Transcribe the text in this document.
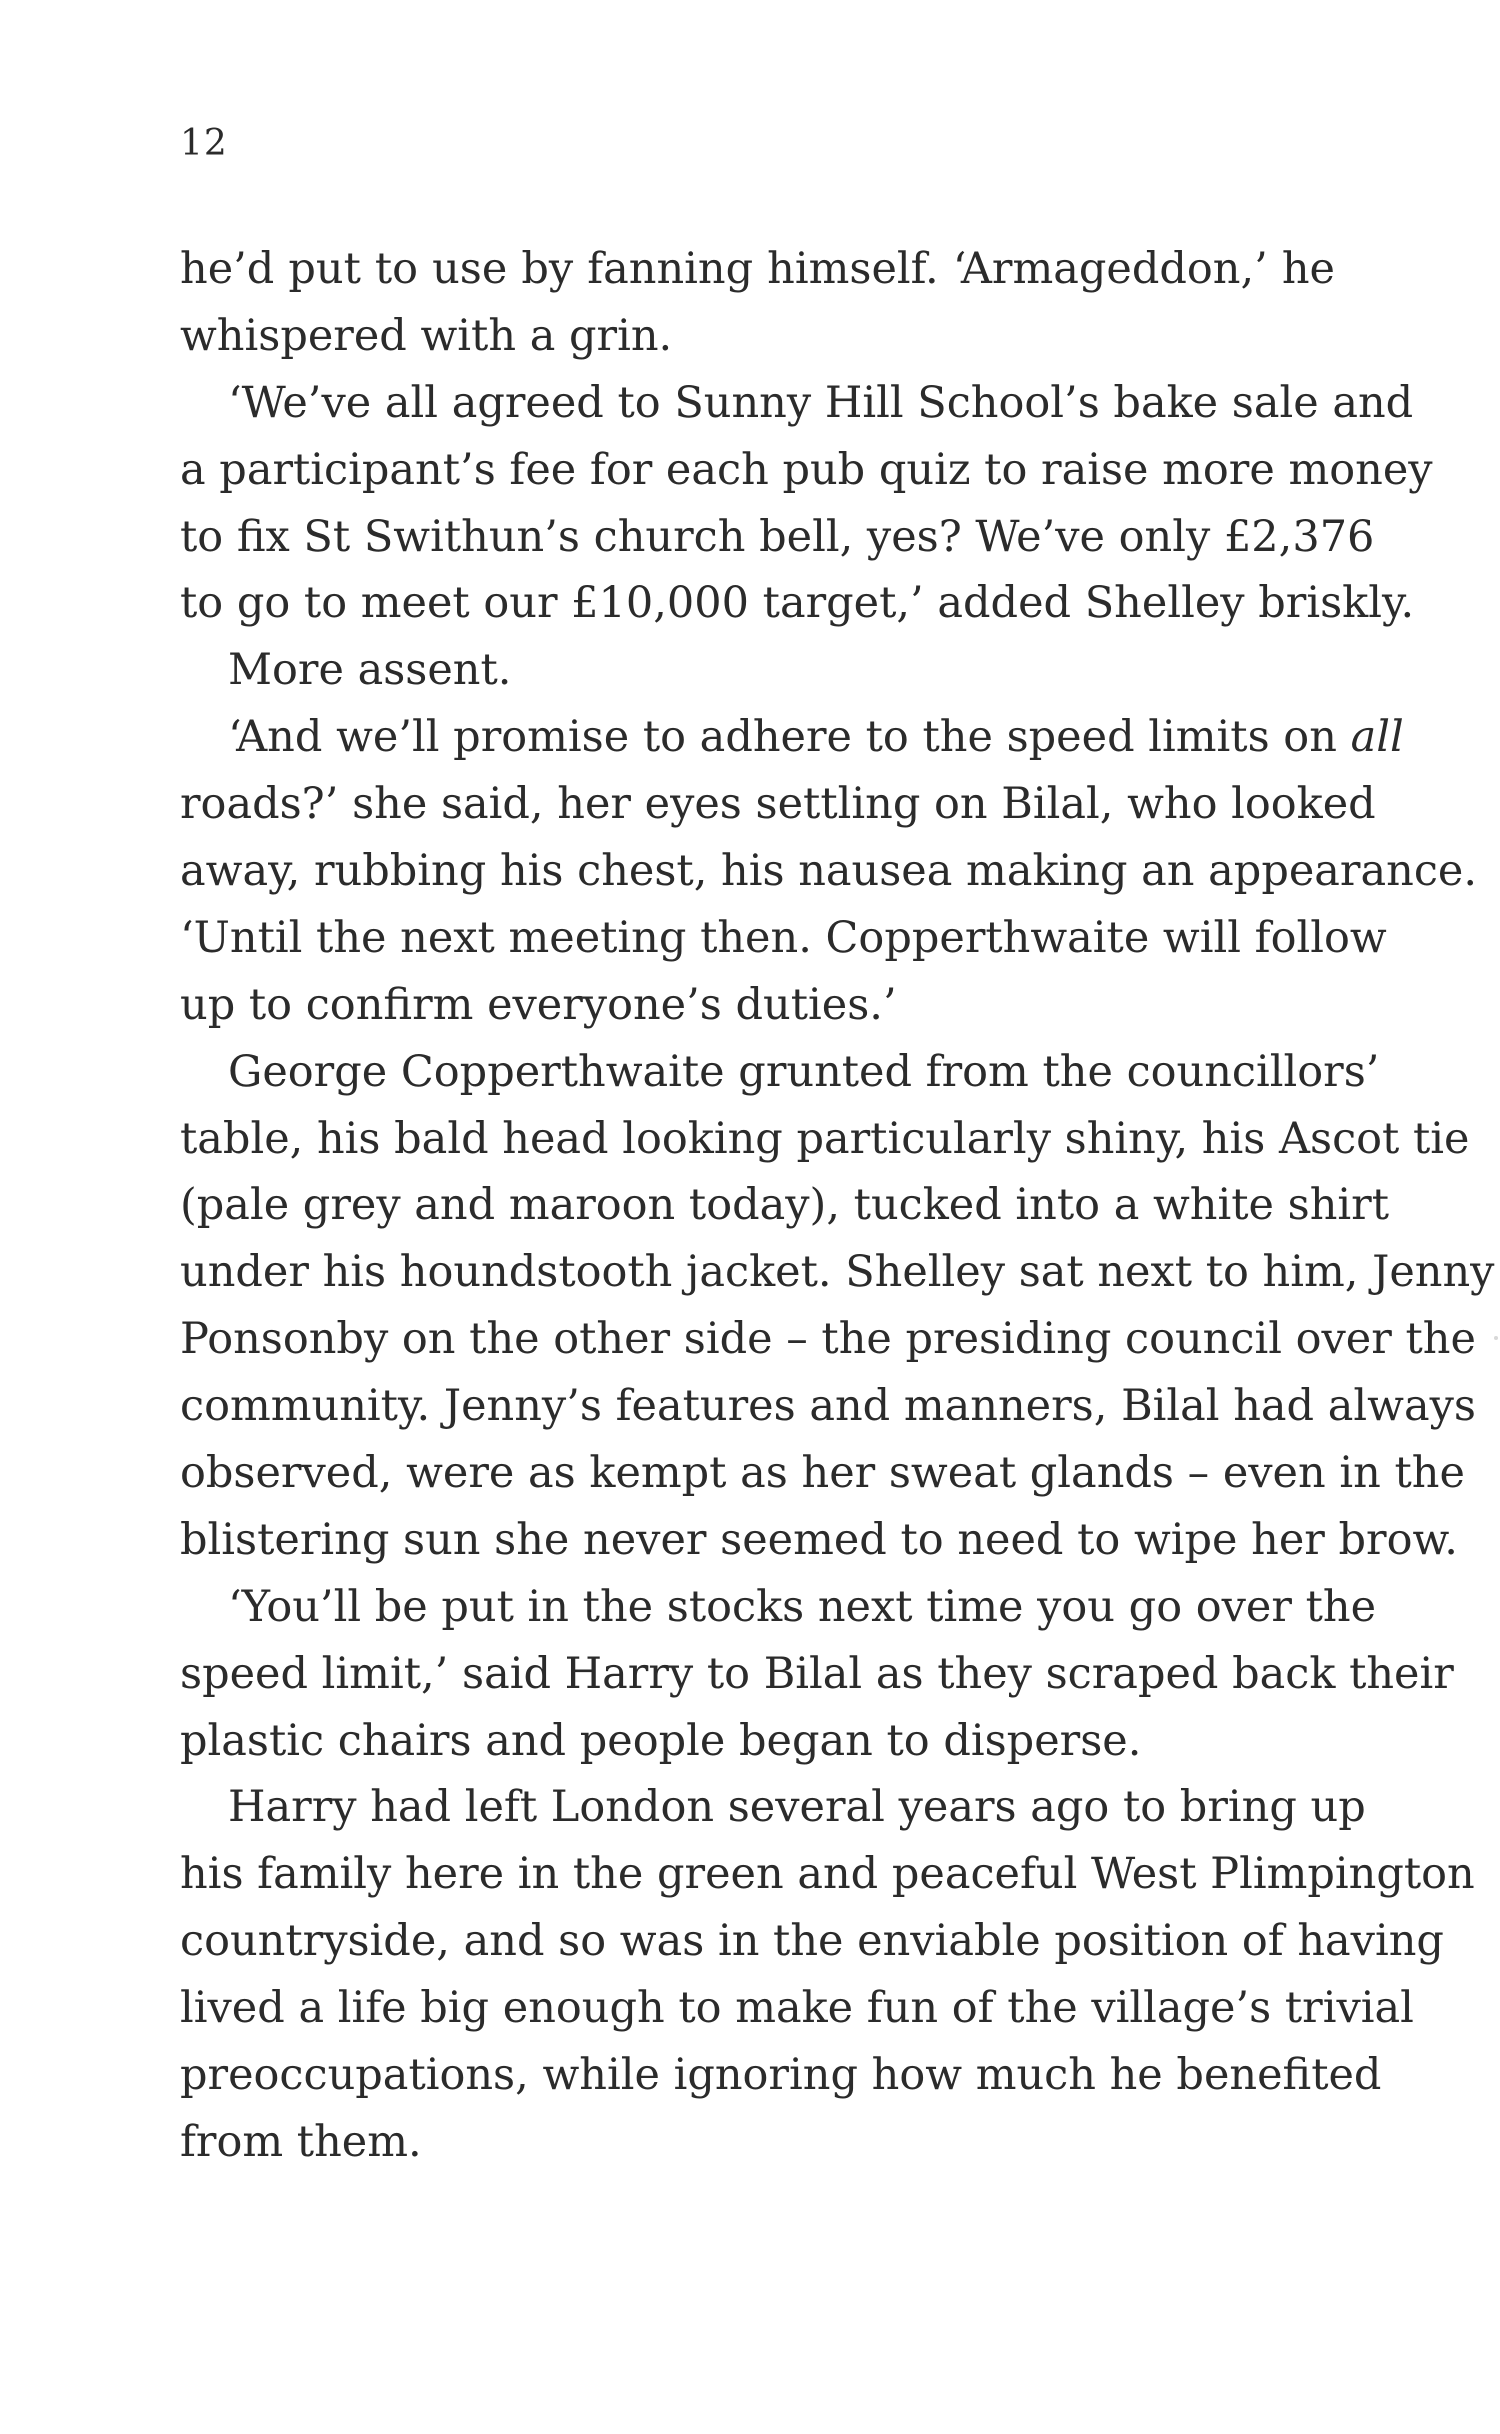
12
he’d put to use by fanning himself. ‘Armageddon,’ he
whispered with a grin.
‘We’ve all agreed to Sunny Hill School’s bake sale and
a participant’s fee for each pub quiz to raise more money
to fix St Swithun’s church bell, yes? We’ve only £2,376
to go to meet our £10,000 target,’ added Shelley briskly.
More assent.
‘And we’ll promise to adhere to the speed limits on all
roads?’ she said, her eyes settling on Bilal, who looked
away, rubbing his chest, his nausea making an appearance.
‘Until the next meeting then. Copperthwaite will follow
up to confirm everyone’s duties.’
George Copperthwaite grunted from the councillors’
table, his bald head looking particularly shiny, his Ascot tie
(pale grey and maroon today), tucked into a white shirt
under his houndstooth jacket. Shelley sat next to him, Jenny
Ponsonby on the other side – the presiding council over the
community. Jenny’s features and manners, Bilal had always
observed, were as kempt as her sweat glands – even in the
blistering sun she never seemed to need to wipe her brow.
‘You’ll be put in the stocks next time you go over the
speed limit,’ said Harry to Bilal as they scraped back their
plastic chairs and people began to disperse.
Harry had left London several years ago to bring up
his family here in the green and peaceful West Plimpington
countryside, and so was in the enviable position of having
lived a life big enough to make fun of the village’s trivial
preoccupations, while ignoring how much he benefited
from them.
